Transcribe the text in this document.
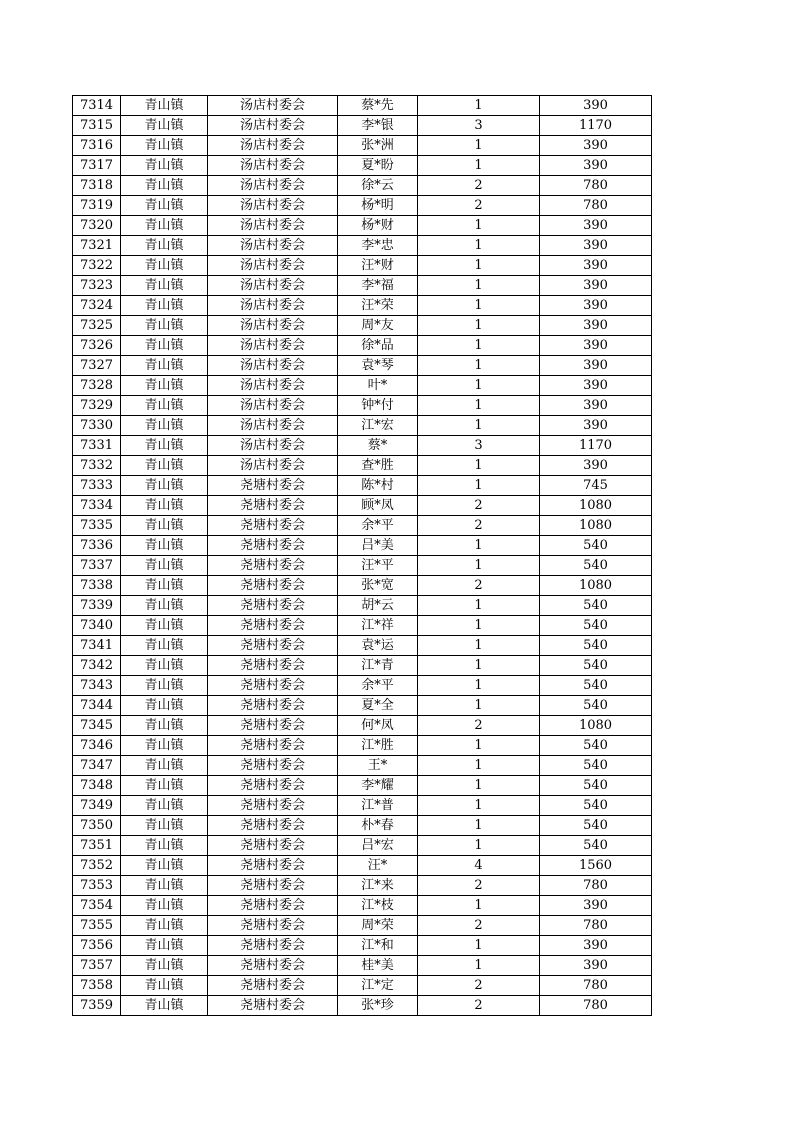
7314	青山镇	汤店村委会	蔡*先	1	390
7315	青山镇	汤店村委会	李*银	3	1170
7316	青山镇	汤店村委会	张*洲	1	390
7317	青山镇	汤店村委会	夏*盼	1	390
7318	青山镇	汤店村委会	徐*云	2	780
7319	青山镇	汤店村委会	杨*明	2	780
7320	青山镇	汤店村委会	杨*财	1	390
7321	青山镇	汤店村委会	李*忠	1	390
7322	青山镇	汤店村委会	汪*财	1	390
7323	青山镇	汤店村委会	李*福	1	390
7324	青山镇	汤店村委会	汪*荣	1	390
7325	青山镇	汤店村委会	周*友	1	390
7326	青山镇	汤店村委会	徐*品	1	390
7327	青山镇	汤店村委会	袁*琴	1	390
7328	青山镇	汤店村委会	叶*	1	390
7329	青山镇	汤店村委会	钟*付	1	390
7330	青山镇	汤店村委会	江*宏	1	390
7331	青山镇	汤店村委会	蔡*	3	1170
7332	青山镇	汤店村委会	查*胜	1	390
7333	青山镇	尧塘村委会	陈*村	1	745
7334	青山镇	尧塘村委会	顾*凤	2	1080
7335	青山镇	尧塘村委会	余*平	2	1080
7336	青山镇	尧塘村委会	吕*美	1	540
7337	青山镇	尧塘村委会	汪*平	1	540
7338	青山镇	尧塘村委会	张*宽	2	1080
7339	青山镇	尧塘村委会	胡*云	1	540
7340	青山镇	尧塘村委会	江*祥	1	540
7341	青山镇	尧塘村委会	袁*运	1	540
7342	青山镇	尧塘村委会	江*青	1	540
7343	青山镇	尧塘村委会	余*平	1	540
7344	青山镇	尧塘村委会	夏*全	1	540
7345	青山镇	尧塘村委会	何*凤	2	1080
7346	青山镇	尧塘村委会	江*胜	1	540
7347	青山镇	尧塘村委会	王*	1	540
7348	青山镇	尧塘村委会	李*耀	1	540
7349	青山镇	尧塘村委会	江*普	1	540
7350	青山镇	尧塘村委会	朴*春	1	540
7351	青山镇	尧塘村委会	吕*宏	1	540
7352	青山镇	尧塘村委会	汪*	4	1560
7353	青山镇	尧塘村委会	江*来	2	780
7354	青山镇	尧塘村委会	江*枝	1	390
7355	青山镇	尧塘村委会	周*荣	2	780
7356	青山镇	尧塘村委会	江*和	1	390
7357	青山镇	尧塘村委会	桂*美	1	390
7358	青山镇	尧塘村委会	江*定	2	780
7359	青山镇	尧塘村委会	张*珍	2	780
